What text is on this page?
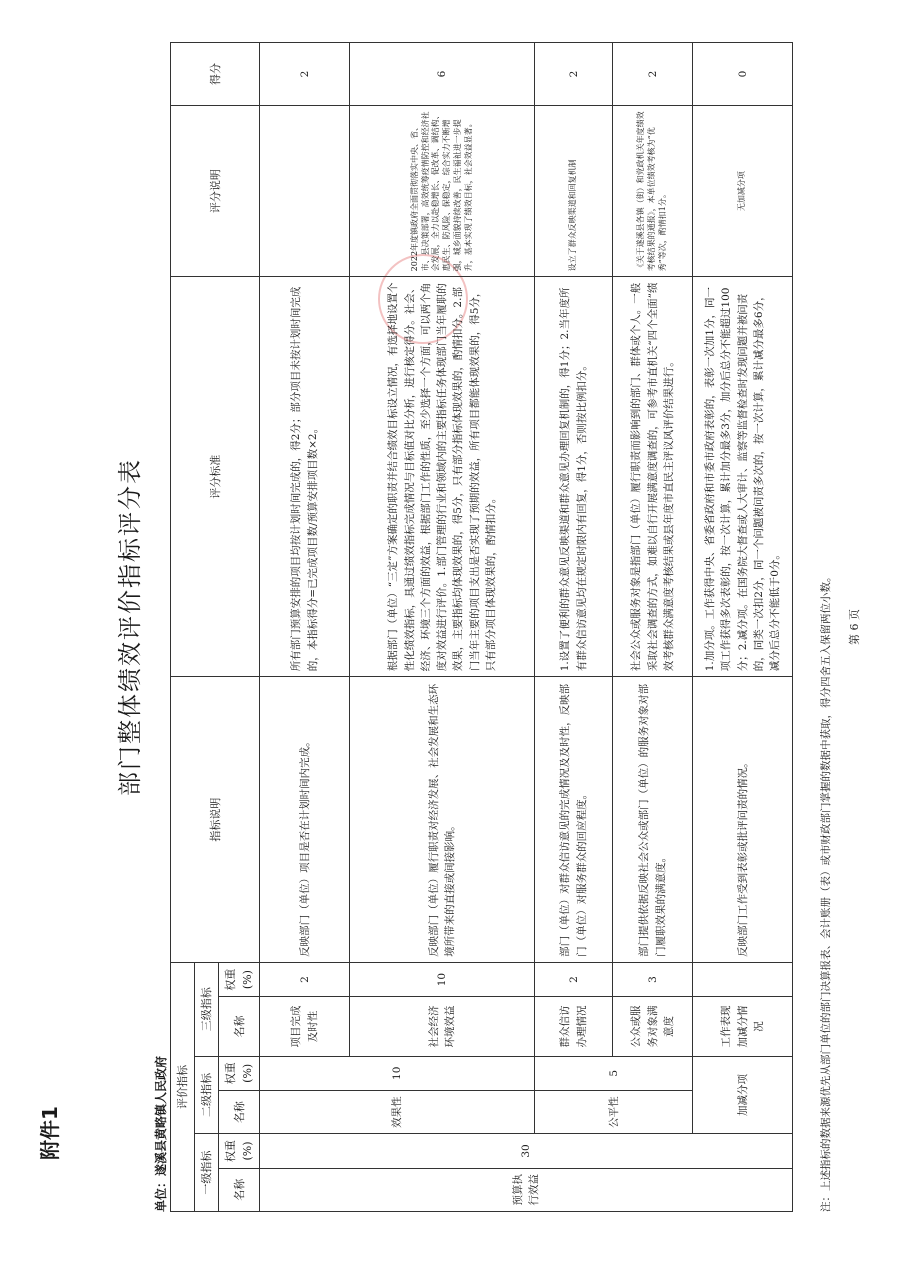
附件1
部门整体绩效评价指标评分表
单位：遂溪县黄略镇人民政府 评价指标						指标说明	评分标准	评分说明	得分
一级指标		二级指标		三级指标					
名称	权重(%)	名称	权重(%)	名称	权重(%)				
预算执行效益	30	效果性	10	项目完成及时性	2	反映部门（单位）项目是否在计划时间内完成。	所有部门预算安排的项目均按计划时间完成的，得2分；部分项目未按计划时间完成的，本指标得分=已完成项目数/预算安排项目数×2。		2
				社会经济环境效益	10	反映部门（单位）履行职责对经济发展、社会发展和生态环境所带来的直接或间接影响。	根据部门（单位）“三定”方案确定的职责并结合绩效目标设立情况，有选择地设置个性化绩效指标，具通过绩效指标完成情况与目标值对比分析，进行核定得分。社会、经济、环境三个方面的效益，根据部门工作的性质，至少选择一个方面，可以两个角度对效益进行评价。1.部门管理的行业和领域内的主要指标任务体现部门当年履职的效果，主要指标均体现效果的，得5分，只有部分指标体现效果的，酌情扣分。2.部门当年主要的项目支出是否实现了预期的效益，所有项目都能体现效果的，得5分，只有部分项目体现效果的，酌情扣分。	2022年度镇政府全面贯彻落实中央、省、市、县决策部署，高效统筹疫情防控和经济社会发展，全力以赴稳增长、促改革、调结构、惠民生、防风险、保稳定，综合实力不断增强，城乡面貌持续改善，民生福祉进一步提升，基本实现了绩效目标，社会效益显著。	6
		公平性	5	群众信访办理情况	2	部门（单位）对群众信访意见的完成情况及及时性，反映部门（单位）对服务群众的回应程度。	1.设置了便利的群众意见反映渠道和群众意见办理回复机制的，得1分；2.当年度所有群众信访意见均在规定时限内有回复，得1分，否则按比例扣分。	设立了群众反映渠道和回复机制	2
				公众或服务对象满意度	3	部门提供依据反映社会公众或部门（单位）的服务对象对部门履职效果的满意度。	社会公众或服务对象是指部门（单位）履行职责而影响到的部门、群体或个人。一般采取社会调查的方式，如难以自行开展满意度调查的，可参考市直机关“四个全面”绩效考核群众满意度考核结果或县年度市直民主评议风评价结果进行。	《关于遂溪县各镇（街）和党政机关年度绩效考核结果的通报》，本单位绩效考核为“优秀”等次，酌情扣1分。	2
		加减分项		工作表现加减分情况		反映部门工作受到表彰或批评问责的情况。	1.加分项。工作获得中央、省委省政府和市委市政府表彰的，表彰一次加1分，同一项工作获得多次表彰的，按一次计算，累计加分最多3分，加分后总分不能超过100分；2.减分项。在国务院大督查或人大审计、监察等监督检查时发现问题并被问责的，同类一次扣2分，同一个问题被问责多次的，按一次计算，累计减分最多6分，减分后总分不能低于0分。	无加减分项	0
注：上述指标的数据来源优先从部门单位的部门决算报表、会计账册（表）或市财政部门掌握的数据中获取，得分四舍五入保留两位小数。 第 6 页
